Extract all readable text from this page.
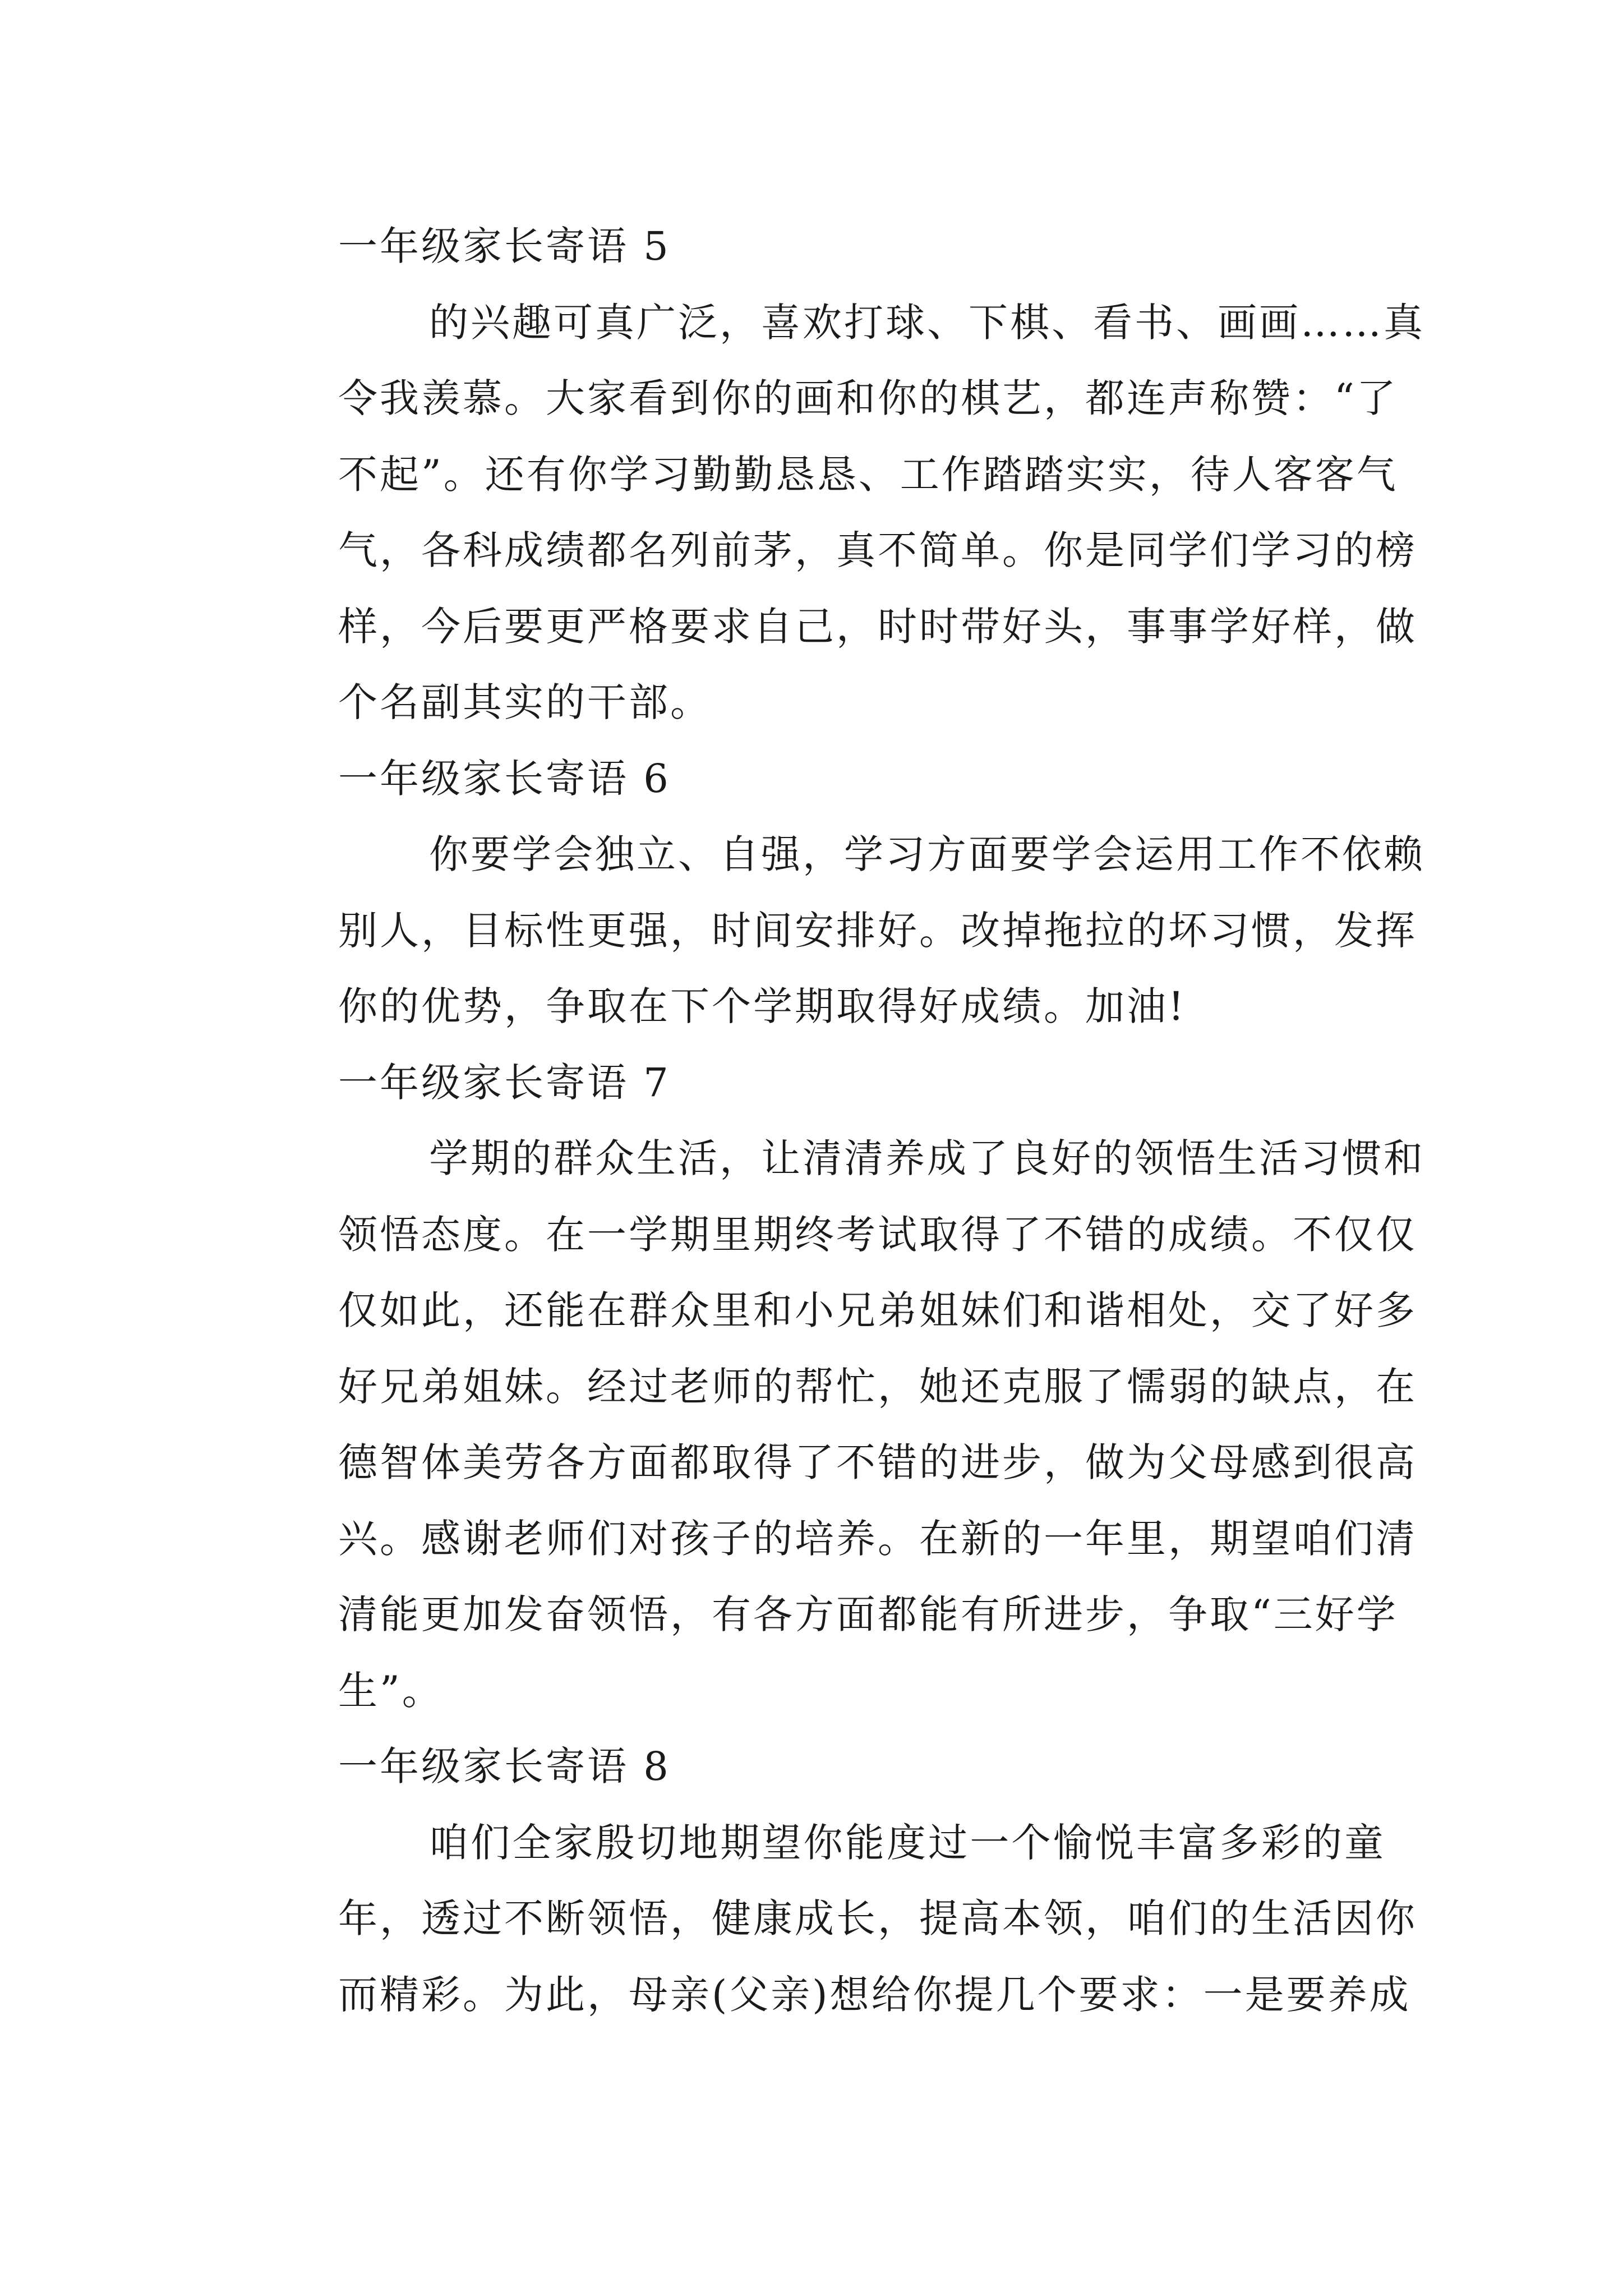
一年级家长寄语 5
的兴趣可真广泛，喜欢打球、下棋、看书、画画……真
令我羡慕。大家看到你的画和你的棋艺，都连声称赞：“了
不起”。还有你学习勤勤恳恳、工作踏踏实实，待人客客气
气，各科成绩都名列前茅，真不简单。你是同学们学习的榜
样，今后要更严格要求自己，时时带好头，事事学好样，做
个名副其实的干部。
一年级家长寄语 6
你要学会独立、自强，学习方面要学会运用工作不依赖
别人，目标性更强，时间安排好。改掉拖拉的坏习惯，发挥
你的优势，争取在下个学期取得好成绩。加油!
一年级家长寄语 7
学期的群众生活，让清清养成了良好的领悟生活习惯和
领悟态度。在一学期里期终考试取得了不错的成绩。不仅仅
仅如此，还能在群众里和小兄弟姐妹们和谐相处，交了好多
好兄弟姐妹。经过老师的帮忙，她还克服了懦弱的缺点，在
德智体美劳各方面都取得了不错的进步，做为父母感到很高
兴。感谢老师们对孩子的培养。在新的一年里，期望咱们清
清能更加发奋领悟，有各方面都能有所进步，争取“三好学
生”。
一年级家长寄语 8
咱们全家殷切地期望你能度过一个愉悦丰富多彩的童
年，透过不断领悟，健康成长，提高本领，咱们的生活因你
而精彩。为此，母亲(父亲)想给你提几个要求：一是要养成
